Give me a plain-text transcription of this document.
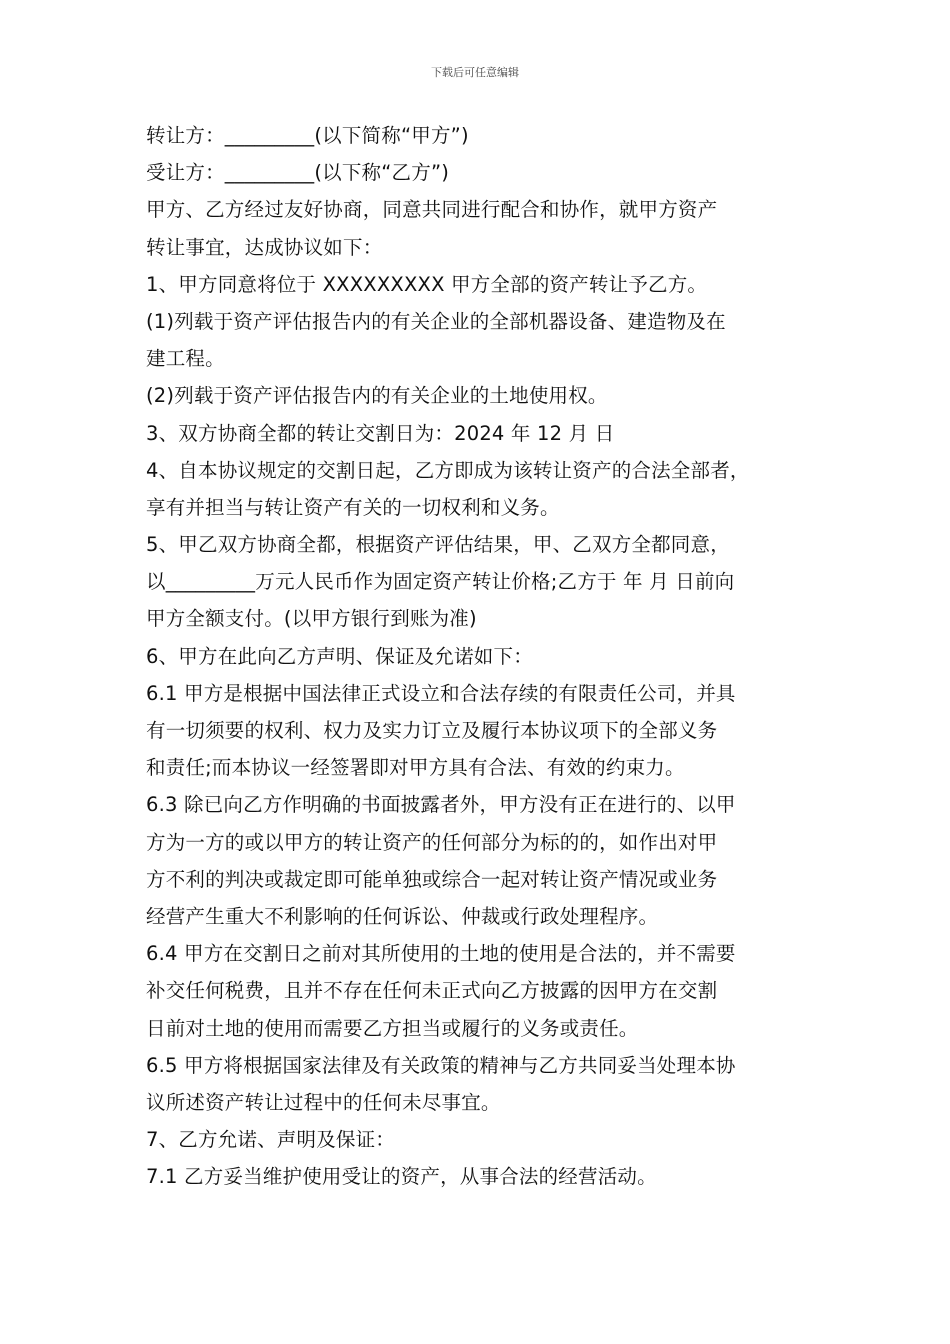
下载后可任意编辑
转让方：_________(以下简称“甲方”)
受让方：_________(以下称“乙方”)
甲方、乙方经过友好协商，同意共同进行配合和协作，就甲方资产
转让事宜，达成协议如下：
1、甲方同意将位于 XXXXXXXXX 甲方全部的资产转让予乙方。
(1)列载于资产评估报告内的有关企业的全部机器设备、建造物及在
建工程。
(2)列载于资产评估报告内的有关企业的土地使用权。
3、双方协商全都的转让交割日为：2024 年 12 月 日
4、自本协议规定的交割日起，乙方即成为该转让资产的合法全部者，
享有并担当与转让资产有关的一切权利和义务。
5、甲乙双方协商全都，根据资产评估结果，甲、乙双方全都同意，
以_________万元人民币作为固定资产转让价格;乙方于 年 月 日前向
甲方全额支付。(以甲方银行到账为准)
6、甲方在此向乙方声明、保证及允诺如下：
6.1 甲方是根据中国法律正式设立和合法存续的有限责任公司，并具
有一切须要的权利、权力及实力订立及履行本协议项下的全部义务
和责任;而本协议一经签署即对甲方具有合法、有效的约束力。
6.3 除已向乙方作明确的书面披露者外，甲方没有正在进行的、以甲
方为一方的或以甲方的转让资产的任何部分为标的的，如作出对甲
方不利的判决或裁定即可能单独或综合一起对转让资产情况或业务
经营产生重大不利影响的任何诉讼、仲裁或行政处理程序。
6.4 甲方在交割日之前对其所使用的土地的使用是合法的，并不需要
补交任何税费，且并不存在任何未正式向乙方披露的因甲方在交割
日前对土地的使用而需要乙方担当或履行的义务或责任。
6.5 甲方将根据国家法律及有关政策的精神与乙方共同妥当处理本协
议所述资产转让过程中的任何未尽事宜。
7、乙方允诺、声明及保证：
7.1 乙方妥当维护使用受让的资产，从事合法的经营活动。
